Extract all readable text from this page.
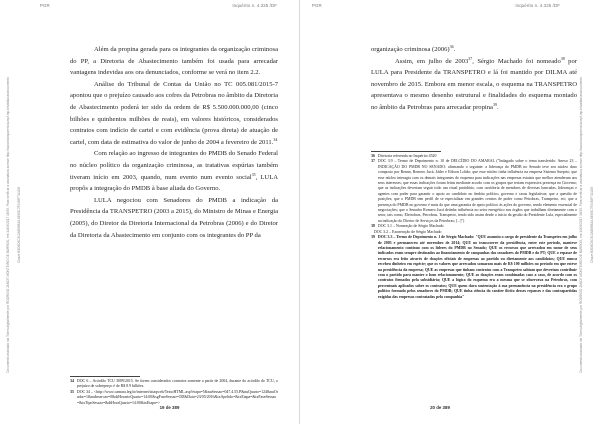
PGR	Inquérito n. 4.325 /DF
Documento assinado via Token digitalmente por RODRIGO JANOT MONTEIRO DE BARROS, em 14/09/2017 18:55. Para verificar a assinatura acesse http://www.transparencia.mpf.mp.br/validacaodocumento Chave B3D6D5CB.2A6E8B2A.6E63C7E9.B5F7A1D8

Além da propina gerada para os integrantes da organização criminosa do PP, a Diretoria de Abastecimento também foi usada para arrecadar vantagens indevidas aos ora denunciados, conforme se verá no item 2.2.

Análise do Tribunal de Contas da União no TC 005.081/2015-7 apontou que o prejuízo causado aos cofres da Petrobras no âmbito da Diretoria de Abastecimento poderá ter sido da ordem de R$ 5.500.000.000,00 (cinco bilhões e quinhentos milhões de reais), em valores históricos, considerados contratos com indício de cartel e com evidência (prova direta) de atuação de cartel, com data de estimativa do valor de junho de 2004 a fevereiro de 2011.34

Com relação ao ingresso de integrantes do PMDB do Senado Federal no núcleo político da organização criminosa, as tratativas espúrias também tiveram início em 2003, quando, num evento num evento social$^{35}$, LULA propôs a integração do PMDB à base aliada do Governo.

LULA negociou com Senadores do PMDB a indicação da Presidência da TRANSPETRO (2003 a 2015), do Ministro de Minas e Energia (2005), do Diretor da Diretoria Internacional da Petrobras (2006) e do Diretor da Diretoria da Abastecimento em conjunto com os integrantes do PP da

34 DOC 6 – Acórdão TCU 3089/2015. Se forem considerados contratos somente a partir de 2004, durante do acórdão do TCU, o prejuízo de sobrepreço é de R$ 8.9 bilhões.
35 DOC 34 – <http://www.camara.leg.br/internet/sitaqweb/TextoHTML.asp?etapa=5&nuSessao=047.4.55.P&nuQuarto=124&nuOrador=1&nuInsercao=0&dtHorarioQuarto=14:00&sgFaseSessao=OD&Data=23/05/2016&txApelido=&txEtapa=&txFaseSessao=&txTipoSessao=&dtHoraQuarto=14:00&txEtapa=>
19 de 389
PGR	Inquérito n. 4.325 /DF
Documento assinado via Token digitalmente por RODRIGO JANOT MONTEIRO DE BARROS, em 14/09/2017 18:55. Para verificar a assinatura acesse http://www.transparencia.mpf.mp.br/validacaodocumento Chave B3D6D5CB.2A6E8B2A.6E63C7E9.B5F7A1D8

organização criminosa $(2006)^{36}$.

Assim, em julho de 2003$^{37}$, Sérgio Machado foi nomeado$^{38}$ por LULA para Presidente da TRANSPETRO e lá foi mantido por DILMA até novembro de 2015. Embora em menor escala, o esquema na TRANSPETRO apresentava o mesmo desenho estrutural e finalidades do esquema montado no âmbito da Petrobras para arrecadar propina$^{39}$.

36 Diretoria referenda no Inquérito 4520
37 DOC 3.9 – Termo de Depoimento n. 10 de DELCÍDIO DO AMARAL ("Indagado sobre o tema transferido: Anexo 23 – INDICAÇÃO DO PMDB NO SENADO: afirmando o seguinte: a liderança do PMDB no Senado teve seu núcleo duro composto por Renan, Romero Jucá, Jáder e Edison Lobão; que esse núcleo tinha influência na empresa Sistema Sueprio; que esse núcleo interagia com os demais integrantes do esquema para indicações nas empresas estatais que melhor atenderam aos seus interesses; que essas indicações foram feitas mediante acordo com os grupos que teriam expressiva presença no Governo; que as indicações deveriam seguir todo um ritual partidário, com ouvidoria de membros de diversas bancadas, lideranças e agentes com poder para garantir o apoio ao candidato no âmbito político, governo e casas legislativas; que a questão de posições; que o PMDB tem perfil de se especializar em grandes centros de poder como Petrobras, Transpetro, etc; que a presença do PMDB no governo é mais do que uma garantia de apoio político às ações do governo, sendo elemento essencial de negociações; que o Senador Romero Jucá detinha influência no setor energético nos órgãos que trabalham diretamente com o setor, tais como, Eletrobras, Petrobras, Transpetro, tendo sido assim desde o início da gestão do Presidente Lula, especialmente na indicação do Diretor de Serviços da Petrobras; [...]")
38 DOC 3.1 – Nomeação de Sérgio Machado
DOC 3.2 – Exoneração de Sérgio Machado
39 DOC 3.3 – Termo de Depoimento n. 1 de Sérgio Machado: "QUE assumiu o cargo de presidente da Transpetro em julho de 2003 e permaneceu até novembro de 2014; QUE no transcorrer da presidência, entre este período, manteve relacionamento contínuo com os líderes do PMDB no Senado; QUE os recursos que arrecadou em nome de seus indicados eram sempre destinados ao financiamento de campanhas dos senadores do PMDB e do PT; QUE o repasse de recursos era feito através de doações oficiais de empresas ao partido ou diretamente aos candidatos; QUE nunca recebeu dinheiro em espécie; que os valores que arrecadou somaram mais de R$ 100 milhões no período em que esteve na presidência da empresa; QUE as empresas que tinham contratos com a Transpetro sabiam que deveriam contribuir com o partido para manter o bom relacionamento; QUE as doações eram combinadas caso a caso, de acordo com os contratos firmados pela subsidiária; QUE a lógica do esquema era a mesma que se observava na Petrobras, com percentuais aplicados sobre os contratos; QUE quem dava sustentação à sua permanência na presidência era o grupo político formado pelos senadores do PMDB; QUE tinha ciência do caráter ilícito desses repasses e das contrapartidas exigidas das empresas contratadas pela companhia"
20 de 389
